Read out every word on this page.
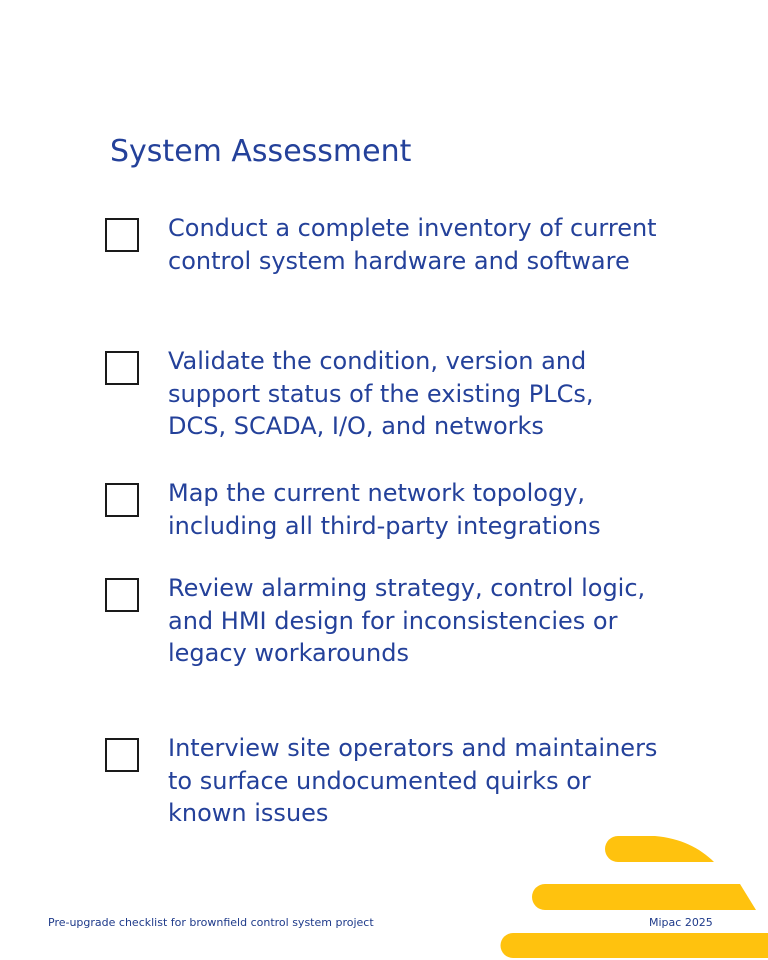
System Assessment
Conduct a complete inventory of current control system hardware and software
Validate the condition, version and support status of the existing PLCs, DCS, SCADA, I/O, and networks
Map the current network topology, including all third-party integrations
Review alarming strategy, control logic, and HMI design for inconsistencies or legacy workarounds
Interview site operators and maintainers to surface undocumented quirks or known issues
Pre-upgrade checklist for brownfield control system project	Mipac 2025
